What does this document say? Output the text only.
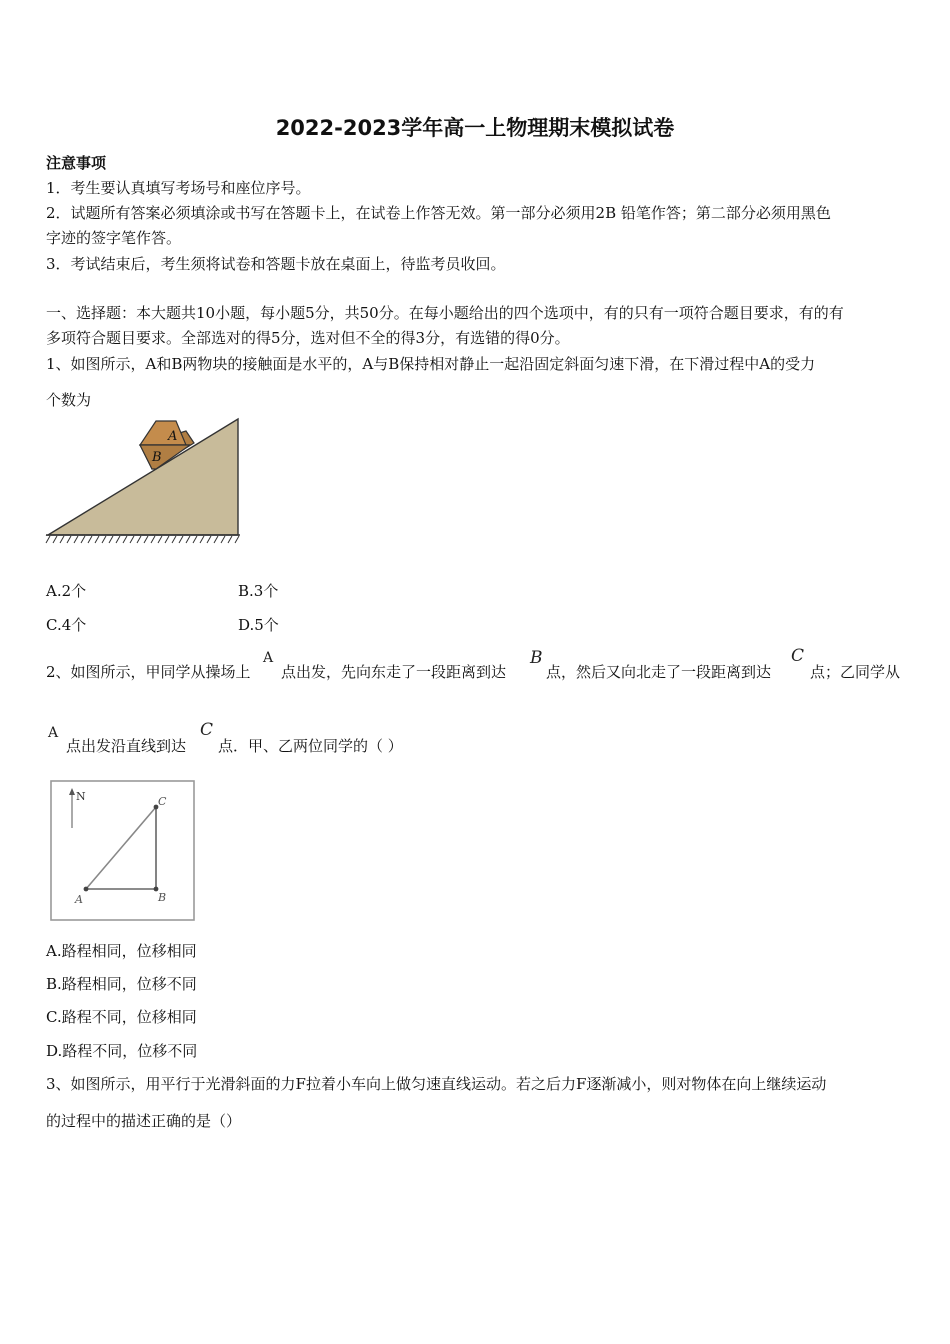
2022-2023学年高一上物理期末模拟试卷
注意事项
1．考生要认真填写考场号和座位序号。
2．试题所有答案必须填涂或书写在答题卡上，在试卷上作答无效。第一部分必须用2B 铅笔作答；第二部分必须用黑色
字迹的签字笔作答。
3．考试结束后，考生须将试卷和答题卡放在桌面上，待监考员收回。
一、选择题：本大题共10小题，每小题5分，共50分。在每小题给出的四个选项中，有的只有一项符合题目要求，有的有
多项符合题目要求。全部选对的得5分，选对但不全的得3分，有选错的得0分。
1、如图所示，A和B两物块的接触面是水平的，A与B保持相对静止一起沿固定斜面匀速下滑，在下滑过程中A的受力
个数为
A
B
A.2个	B.3个
C.4个	D.5个
2、如图所示，甲同学从操场上
A
点出发，先向东走了一段距离到达
B
点，然后又向北走了一段距离到达
C
点；乙同学从
A
点出发沿直线到达
C
点．甲、乙两位同学的（ ）
N
A	B
C
A.路程相同，位移相同
B.路程相同，位移不同
C.路程不同，位移相同
D.路程不同，位移不同
3、如图所示，用平行于光滑斜面的力F拉着小车向上做匀速直线运动。若之后力F逐渐减小，则对物体在向上继续运动
的过程中的描述正确的是（）
